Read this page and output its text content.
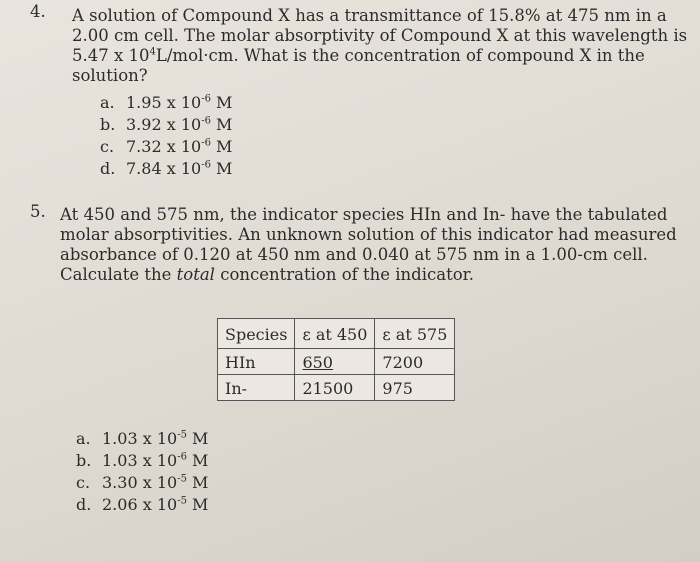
4. A solution of Compound X has a transmittance of 15.8% at 475 nm in a
2.00 cm cell. The molar absorptivity of Compound X at this wavelength is
5.47 x $10^4L/mol\cdot cm$. What is the concentration of compound X in the
solution?
a. 1.95 x $10^{-6}$ M
b. 3.92 x $10^{-6}$ M
c. 7.32 x $10^{-6}$ M
d. 7.84 x $10^{-6}$ M
5. At 450 and 575 nm, the indicator species HIn and In- have the tabulated
molar absorptivities. An unknown solution of this indicator had measured
absorbance of 0.120 at 450 nm and 0.040 at 575 nm in a 1.00-cm cell.
Calculate the total concentration of the indicator.
Species	ε at 450	ε at 575
HIn	650	7200
In-	21500	975
a. 1.03 x $10^{-5}$ M
b. 1.03 x $10^{-6}$ M
c. 3.30 x $10^{-5}$ M
d. 2.06 x $10^{-5}$ M
